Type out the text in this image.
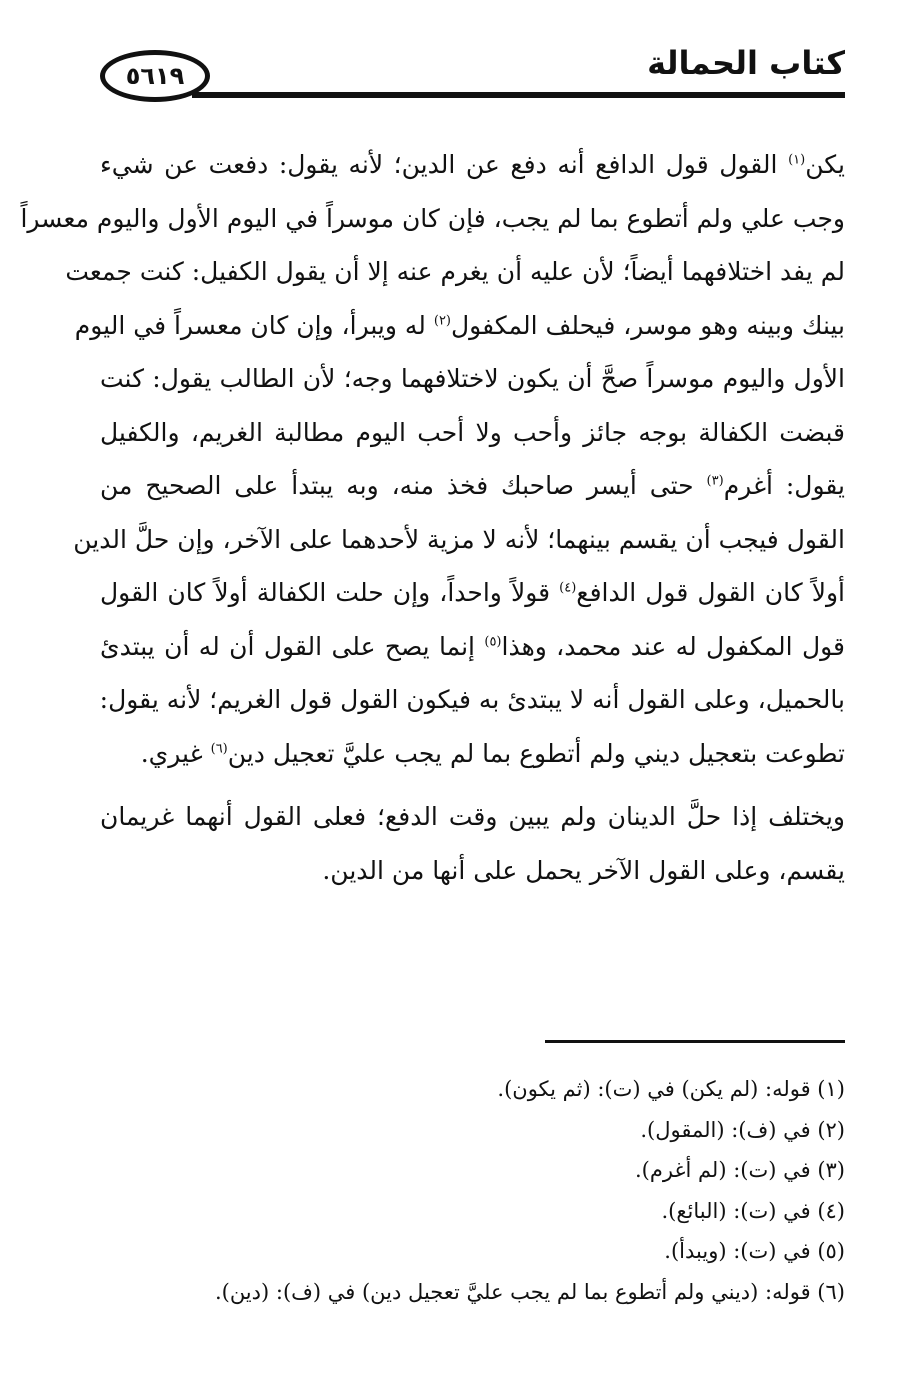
٥٦١٩	كتاب الحمالة
يكن$^{(١)}$ القول قول الدافع أنه دفع عن الدين؛ لأنه يقول: دفعت عن شيء
وجب علي ولم أتطوع بما لم يجب، فإن كان موسراً في اليوم الأول واليوم معسراً
لم يفد اختلافهما أيضاً؛ لأن عليه أن يغرم عنه إلا أن يقول الكفيل: كنت جمعت
بينك وبينه وهو موسر، فيحلف المكفول$^{(٢)}$ له ويبرأ، وإن كان معسراً في اليوم
الأول واليوم موسراً صحَّ أن يكون لاختلافهما وجه؛ لأن الطالب يقول: كنت
قبضت الكفالة بوجه جائز وأحب ولا أحب اليوم مطالبة الغريم، والكفيل
يقول: أغرم$^{(٣)}$ حتى أيسر صاحبك فخذ منه، وبه يبتدأ على الصحيح من
القول فيجب أن يقسم بينهما؛ لأنه لا مزية لأحدهما على الآخر، وإن حلَّ الدين
أولاً كان القول قول الدافع$^{(٤)}$ قولاً واحداً، وإن حلت الكفالة أولاً كان القول
قول المكفول له عند محمد، وهذا$^{(٥)}$ إنما يصح على القول أن له أن يبتدئ
بالحميل، وعلى القول أنه لا يبتدئ به فيكون القول قول الغريم؛ لأنه يقول:
تطوعت بتعجيل ديني ولم أتطوع بما لم يجب عليَّ تعجيل دين$^{(٦)}$ غيري.
ويختلف إذا حلَّ الدينان ولم يبين وقت الدفع؛ فعلى القول أنهما غريمان
يقسم، وعلى القول الآخر يحمل على أنها من الدين.
(١) قوله: (لم يكن) في (ت): (ثم يكون).
(٢) في (ف): (المقول).
(٣) في (ت): (لم أغرم).
(٤) في (ت): (البائع).
(٥) في (ت): (ويبدأ).
(٦) قوله: (ديني ولم أتطوع بما لم يجب عليَّ تعجيل دين) في (ف): (دين).
